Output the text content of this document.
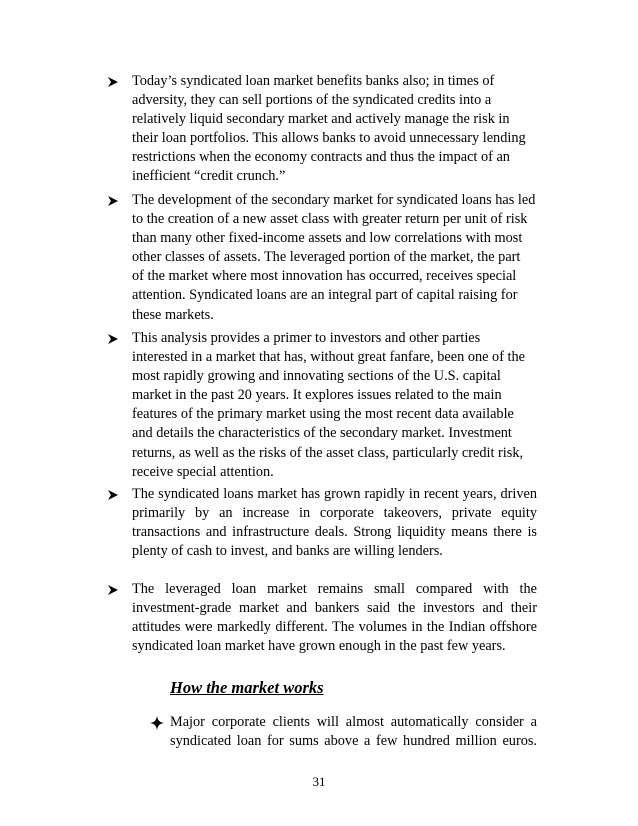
Today’s syndicated loan market benefits banks also; in times of
adversity, they can sell portions of the syndicated credits into a
relatively liquid secondary market and actively manage the risk in
their loan portfolios. This allows banks to avoid unnecessary lending
restrictions when the economy contracts and thus the impact of an
inefficient “credit crunch.”
The development of the secondary market for syndicated loans has led
to the creation of a new asset class with greater return per unit of risk
than many other fixed-income assets and low correlations with most
other classes of assets. The leveraged portion of the market, the part
of the market where most innovation has occurred, receives special
attention. Syndicated loans are an integral part of capital raising for
these markets.
This analysis provides a primer to investors and other parties
interested in a market that has, without great fanfare, been one of the
most rapidly growing and innovating sections of the U.S. capital
market in the past 20 years. It explores issues related to the main
features of the primary market using the most recent data available
and details the characteristics of the secondary market. Investment
returns, as well as the risks of the asset class, particularly credit risk,
receive special attention.
The syndicated loans market has grown rapidly in recent years, driven
primarily by an increase in corporate takeovers, private equity
transactions and infrastructure deals. Strong liquidity means there is
plenty of cash to invest, and banks are willing lenders.
The leveraged loan market remains small compared with the
investment-grade market and bankers said the investors and their
attitudes were markedly different. The volumes in the Indian offshore
syndicated loan market have grown enough in the past few years.
How the market works
Major corporate clients will almost automatically consider a
syndicated loan for sums above a few hundred million euros.
31
